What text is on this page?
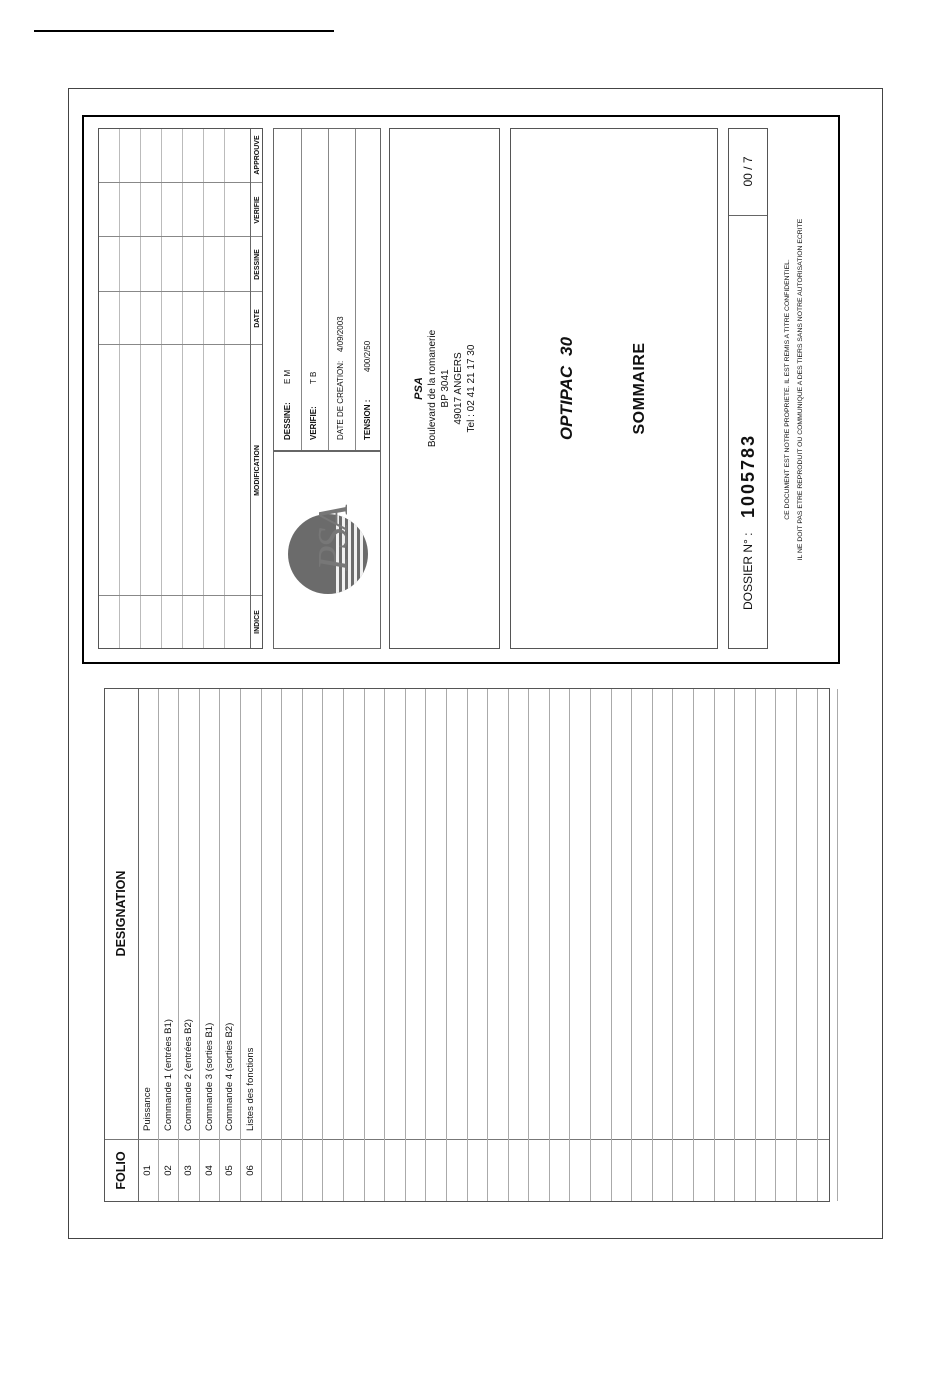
FOLIO
DESIGNATION
01
Puissance
02
Commande 1 (entrées B1)
03
Commande 2 (entrées B2)
04
Commande 3 (sorties B1)
05
Commande 4 (sorties B2)
06
Listes des fonctions
INDICE
MODIFICATION
DATE
DESSINE
VERIFIE
APPROUVE
PSA
DESSINE:
E M
VERIFIE:
T B DATE DE CREATION:
4/09/2003
TENSION :
400/2/50
PSA Boulevard de la romanerie BP 3041 49017 ANGERS Tel : 02 41 21 17 30	OPTIPAC30	SOMMAIRE
DOSSIER N° :
1005783
00 / 7
CE DOCUMENT EST NOTRE PROPRIETE. IL EST REMIS A TITRE CONFIDENTIEL. IL NE DOIT PAS ETRE REPRODUIT OU COMMUNIQUE A DES TIERS SANS NOTRE AUTORISATION ECRITE
